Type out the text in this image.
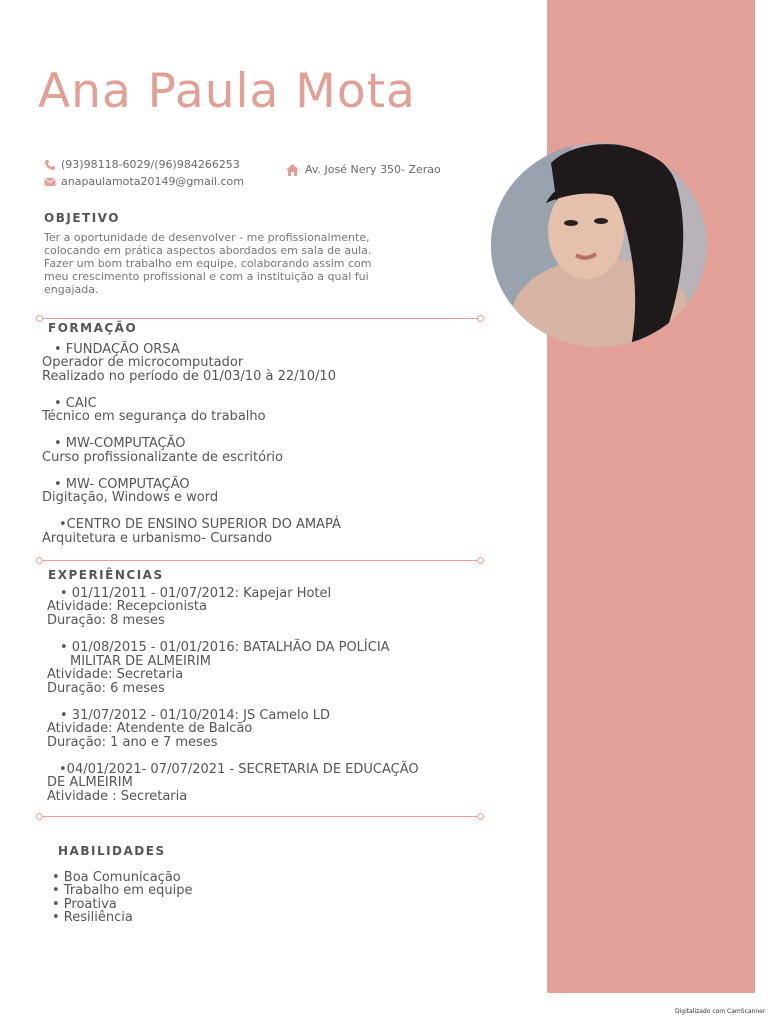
Ana Paula Mota
(93)98118-6029/(96)984266253
anapaulamota20149@gmail.com
Av. José Nery 350- Zerao
OBJETIVO
Ter a oportunidade de desenvolver - me profissionalmente,
colocando em prática aspectos abordados em sala de aula.
Fazer um bom trabalho em equipe, colaborando assim com
meu crescimento profissional e com a instituição a qual fui
engajada.
FORMAÇÃO
• FUNDAÇÃO ORSA
Operador de microcomputador
Realizado no período de 01/03/10 à 22/10/10
• CAIC
Técnico em segurança do trabalho
• MW-COMPUTAÇÃO
Curso profissionalizante de escritório
• MW- COMPUTAÇÃO
Digitação, Windows e word
•CENTRO DE ENSINO SUPERIOR DO AMAPÁ
Arquitetura e urbanismo- Cursando
EXPERIÊNCIAS
• 01/11/2011 - 01/07/2012: Kapejar Hotel
Atividade: Recepcionista
Duração: 8 meses
• 01/08/2015 - 01/01/2016: BATALHÃO DA POLÍCIA
MILITAR DE ALMEIRIM
Atividade: Secretaria
Duração: 6 meses
• 31/07/2012 - 01/10/2014: JS Camelo LD
Atividade: Atendente de Balcão
Duração: 1 ano e 7 meses
•04/01/2021- 07/07/2021 - SECRETARIA DE EDUCAÇÃO
DE ALMEIRIM
Atividade : Secretaria
HABILIDADES
• Boa Comunicação
• Trabalho em equipe
• Proativa
• Resiliência
Digitalizado com CamScanner
